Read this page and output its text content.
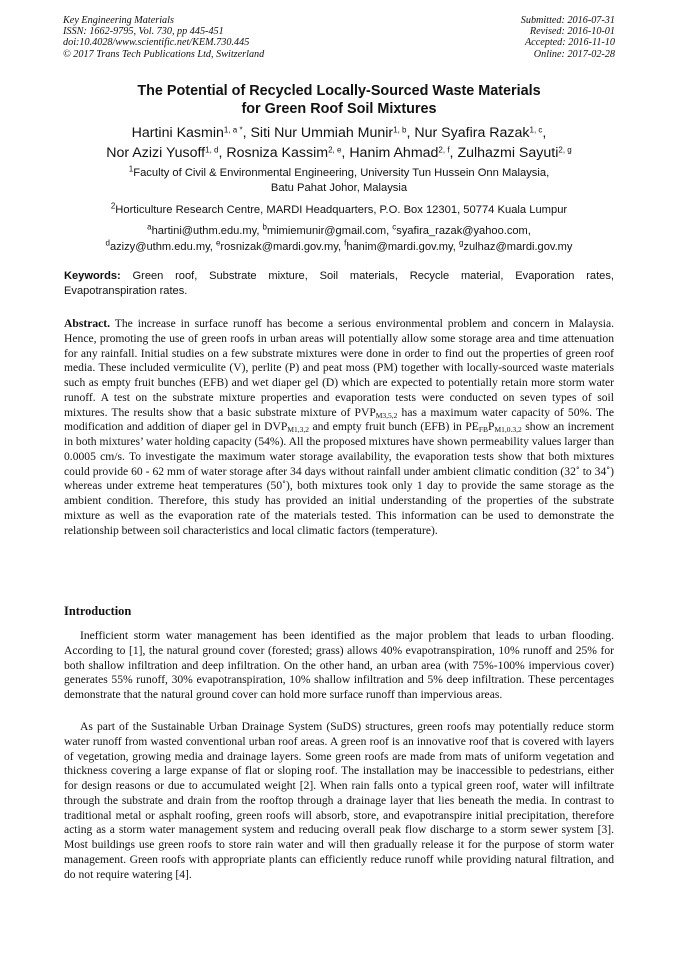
Key Engineering Materials
ISSN: 1662-9795, Vol. 730, pp 445-451
doi:10.4028/www.scientific.net/KEM.730.445
© 2017 Trans Tech Publications Ltd, Switzerland
Submitted: 2016-07-31
Revised: 2016-10-01
Accepted: 2016-11-10
Online: 2017-02-28
The Potential of Recycled Locally-Sourced Waste Materials
for Green Roof Soil Mixtures
Hartini Kasmin$^{1, a *}$, Siti Nur Ummiah Munir$^{1, b}$, Nur Syafira Razak$^{1, c}$,
Nor Azizi Yusoff$^{1, d}$, Rosniza Kassim$^{2, e}$, Hanim Ahmad$^{2, f}$, Zulhazmi Sayuti$^{2, g}$
$^1$Faculty of Civil & Environmental Engineering, University Tun Hussein Onn Malaysia,
Batu Pahat Johor, Malaysia
$^2$Horticulture Research Centre, MARDI Headquarters, P.O. Box 12301, 50774 Kuala Lumpur
$^a$hartini@uthm.edu.my, $^b$mimiemunir@gmail.com, $^c$syafira_razak@yahoo.com,
$^d$azizy@uthm.edu.my, $^e$rosnizak@mardi.gov.my, $^f$hanim@mardi.gov.my, $^g$zulhaz@mardi.gov.my
Keywords: Green roof, Substrate mixture, Soil materials, Recycle material, Evaporation rates, Evapotranspiration rates.
Abstract. The increase in surface runoff has become a serious environmental problem and concern in Malaysia. Hence, promoting the use of green roofs in urban areas will potentially allow some storage area and time attenuation for any rainfall. Initial studies on a few substrate mixtures were done in order to find out the properties of green roof media. These included vermiculite (V), perlite (P) and peat moss (PM) together with locally-sourced waste materials such as empty fruit bunches (EFB) and wet diaper gel (D) which are expected to potentially retain more storm water runoff. A test on the substrate mixture properties and evaporation tests were conducted on seven types of soil mixtures. The results show that a basic substrate mixture of $PVP_{M3,5,2}$ has a maximum water capacity of 50%. The modification and addition of diaper gel in $DVP_{M1,3,2}$ and empty fruit bunch (EFB) in $PE_{FB}P_{M1,0.3,2}$ show an increment in both mixtures’ water holding capacity (54%). All the proposed mixtures have shown permeability values larger than 0.0005 cm/s. To investigate the maximum water storage availability, the evaporation tests show that both mixtures could provide 60 - 62 mm of water storage after 34 days without rainfall under ambient climatic condition (32˚ to 34˚) whereas under extreme heat temperatures (50˚), both mixtures took only 1 day to provide the same storage as the ambient condition. Therefore, this study has provided an initial understanding of the properties of the substrate mixture as well as the evaporation rate of the materials tested. This information can be used to demonstrate the relationship between soil characteristics and local climatic factors (temperature).
Introduction
Inefficient storm water management has been identified as the major problem that leads to urban flooding. According to [1], the natural ground cover (forested; grass) allows 40% evapotranspiration, 10% runoff and 25% for both shallow infiltration and deep infiltration. On the other hand, an urban area (with 75%-100% impervious cover) generates 55% runoff, 30% evapotranspiration, 10% shallow infiltration and 5% deep infiltration. These percentages demonstrate that the natural ground cover can hold more surface runoff than impervious areas.
As part of the Sustainable Urban Drainage System (SuDS) structures, green roofs may potentially reduce storm water runoff from wasted conventional urban roof areas. A green roof is an innovative roof that is covered with layers of vegetation, growing media and drainage layers. Some green roofs are made from mats of uniform vegetation and thickness covering a large expanse of flat or sloping roof. The installation may be inaccessible to pedestrians, either for design reasons or due to accumulated weight [2]. When rain falls onto a typical green roof, water will infiltrate through the substrate and drain from the rooftop through a drainage layer that lies beneath the media. In contrast to traditional metal or asphalt roofing, green roofs will absorb, store, and evapotranspire initial precipitation, therefore acting as a storm water management system and reducing overall peak flow discharge to a storm sewer system [3]. Most buildings use green roofs to store rain water and will then gradually release it for the purpose of storm water management. Green roofs with appropriate plants can efficiently reduce runoff while providing natural filtration, and do not require watering [4].
